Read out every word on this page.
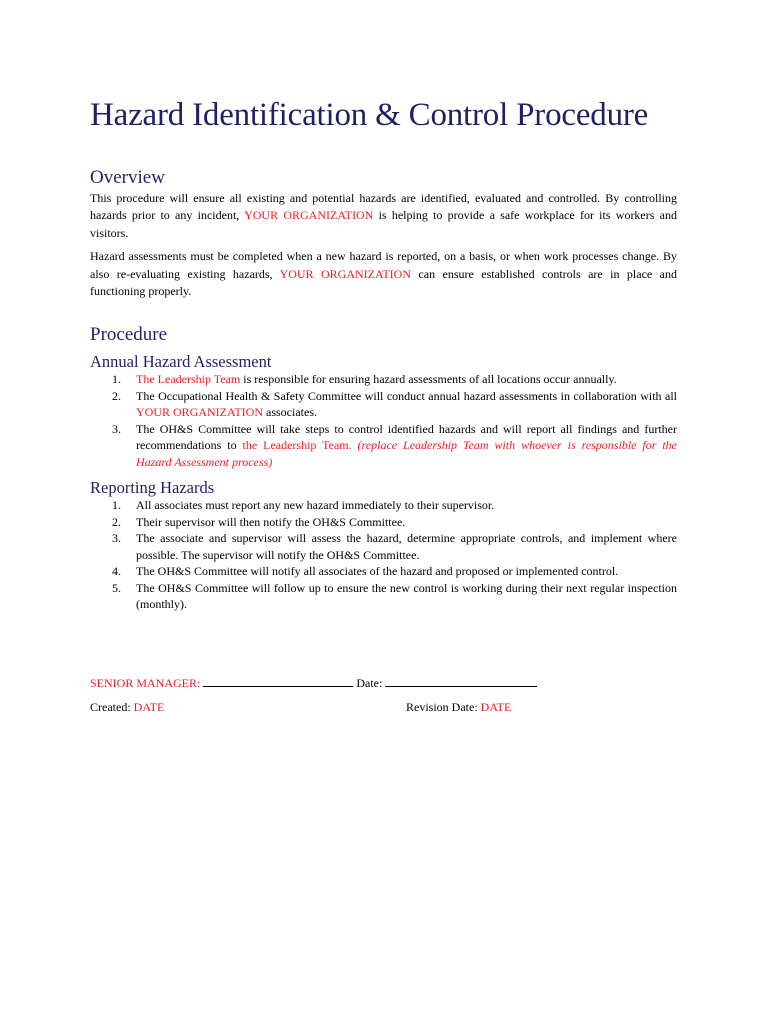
Hazard Identification & Control Procedure
Overview

This procedure will ensure all existing and potential hazards are identified, evaluated and controlled. By controlling hazards prior to any incident, YOUR ORGANIZATION is helping to provide a safe workplace for its workers and visitors.

Hazard assessments must be completed when a new hazard is reported, on a basis, or when work processes change. By also re-evaluating existing hazards, YOUR ORGANIZATION can ensure established controls are in place and functioning properly.

Procedure
Annual Hazard Assessment
1. The Leadership Team is responsible for ensuring hazard assessments of all locations occur annually.
2. The Occupational Health & Safety Committee will conduct annual hazard assessments in collaboration with all YOUR ORGANIZATION associates.
3. The OH&S Committee will take steps to control identified hazards and will report all findings and further recommendations to the Leadership Team. (replace Leadership Team with whoever is responsible for the Hazard Assessment process)
Reporting Hazards
1. All associates must report any new hazard immediately to their supervisor.
2. Their supervisor will then notify the OH&S Committee.
3. The associate and supervisor will assess the hazard, determine appropriate controls, and implement where possible. The supervisor will notify the OH&S Committee.
4. The OH&S Committee will notify all associates of the hazard and proposed or implemented control.
5. The OH&S Committee will follow up to ensure the new control is working during their next regular inspection (monthly).
SENIOR MANAGER:	Date:
Created: DATE	Revision Date: DATE
